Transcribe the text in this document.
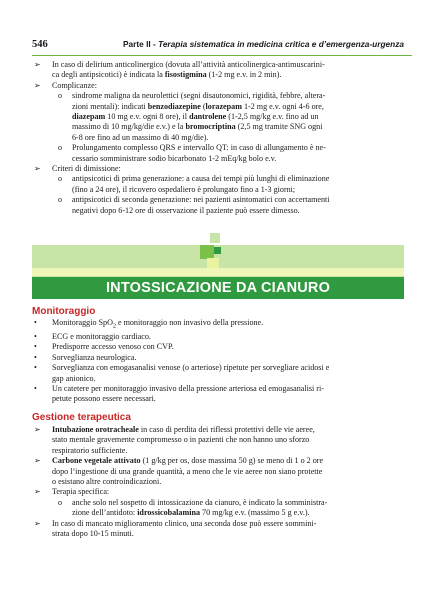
546	Parte II - Terapia sistematica in medicina critica e d’emergenza-urgenza
➢ In caso di delirium anticolinergico (dovuta all’attività anticolinergica-antimuscarini-
ca degli antipsicotici) è indicata la fisostigmina (1-2 mg e.v. in 2 min).
➢ Complicanze:
o sindrome maligna da neurolettici (segni disautonomici, rigidità, febbre, altera-
zioni mentali): indicati benzodiazepine (lorazepam 1-2 mg e.v. ogni 4-6 ore,
diazepam 10 mg e.v. ogni 8 ore), il dantrolene (1-2,5 mg/kg e.v. fino ad un
massimo di 10 mg/kg/die e.v.) e la bromocriptina (2,5 mg tramite SNG ogni
6-8 ore fino ad un massimo di 40 mg/die).
o Prolungamento complesso QRS e intervallo QT: in caso di allungamento è ne-
cessario somministrare sodio bicarbonato 1-2 mEq/kg bolo e.v.
➢ Criteri di dimissione:
o antipsicotici di prima generazione: a causa dei tempi più lunghi di eliminazione
(fino a 24 ore), il ricovero ospedaliero è prolungato fino a 1-3 giorni;
o antipsicotici di seconda generazione: nei pazienti asintomatici con accertamenti
negativi dopo 6-12 ore di osservazione il paziente può essere dimesso.
INTOSSICAZIONE DA CIANURO
Monitoraggio
• Monitoraggio SpO$_2$ e monitoraggio non invasivo della pressione.
• ECG e monitoraggio cardiaco.
• Predisporre accesso venoso con CVP.
• Sorveglianza neurologica.
• Sorveglianza con emogasanalisi venose (o arteriose) ripetute per sorvegliare acidosi e
gap anionico.
• Un catetere per monitoraggio invasivo della pressione arteriosa ed emogasanalisi ri-
petute possono essere necessari.
Gestione terapeutica
➢ Intubazione orotracheale in caso di perdita dei riflessi protettivi delle vie aeree,
stato mentale gravemente compromesso o in pazienti che non hanno uno sforzo
respiratorio sufficiente.
➢ Carbone vegetale attivato (1 g/kg per os, dose massima 50 g) se meno di 1 o 2 ore
dopo l’ingestione di una grande quantità, a meno che le vie aeree non siano protette
o esistano altre controindicazioni.
➢ Terapia specifica:
o anche solo nel sospetto di intossicazione da cianuro, è indicato la somministra-
zione dell’antidoto: idrossicobalamina 70 mg/kg e.v. (massimo 5 g e.v.).
➢ In caso di mancato miglioramento clinico, una seconda dose può essere sommini-
strata dopo 10-15 minuti.
